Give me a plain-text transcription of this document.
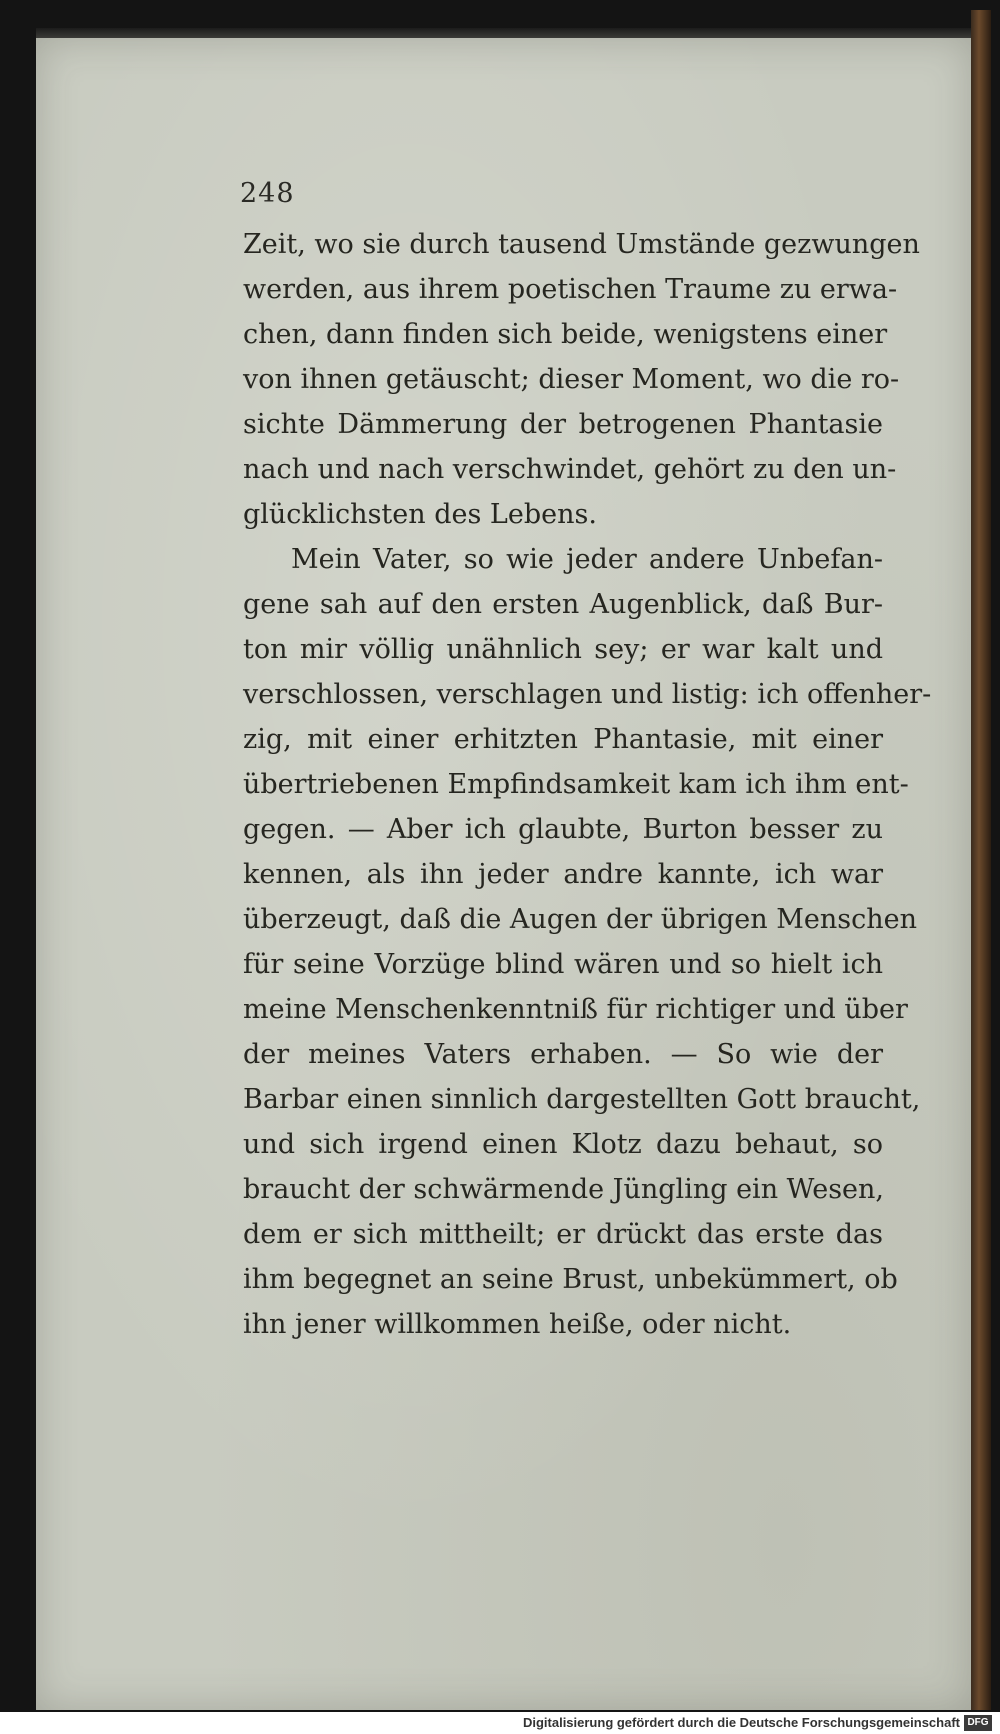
248
Zeit, wo sie durch tausend Umstände gezwungen
werden, aus ihrem poetischen Traume zu erwa-
chen, dann finden sich beide, wenigstens einer
von ihnen getäuscht; dieser Moment, wo die ro-
sichte Dämmerung der betrogenen Phantasie
nach und nach verschwindet, gehört zu den un-
glücklichsten des Lebens.
Mein Vater, so wie jeder andere Unbefan-
gene sah auf den ersten Augenblick, daß Bur-
ton mir völlig unähnlich sey; er war kalt und
verschlossen, verschlagen und listig: ich offenher-
zig, mit einer erhitzten Phantasie, mit einer
übertriebenen Empfindsamkeit kam ich ihm ent-
gegen. — Aber ich glaubte, Burton besser zu
kennen, als ihn jeder andre kannte, ich war
überzeugt, daß die Augen der übrigen Menschen
für seine Vorzüge blind wären und so hielt ich
meine Menschenkenntniß für richtiger und über
der meines Vaters erhaben. — So wie der
Barbar einen sinnlich dargestellten Gott braucht,
und sich irgend einen Klotz dazu behaut, so
braucht der schwärmende Jüngling ein Wesen,
dem er sich mittheilt; er drückt das erste das
ihm begegnet an seine Brust, unbekümmert, ob
ihn jener willkommen heiße, oder nicht.
Digitalisierung gefördert durch die Deutsche Forschungsgemeinschaft DFG
